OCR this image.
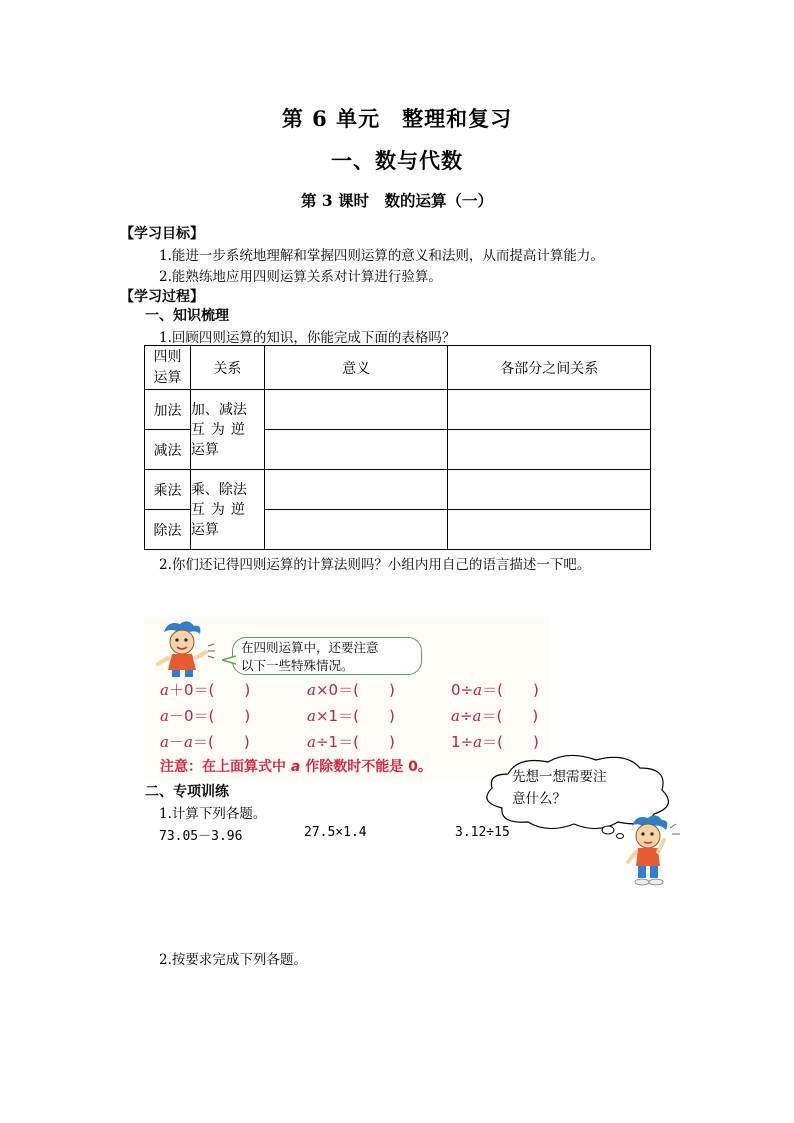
第 6 单元　整理和复习
一、数与代数
第 3 课时　数的运算（一）
【学习目标】
1.能进一步系统地理解和掌握四则运算的意义和法则，从而提高计算能力。
2.能熟练地应用四则运算关系对计算进行验算。
【学习过程】
一、知识梳理
1.回顾四则运算的知识，你能完成下面的表格吗？
四则
运算	关系	意义	各部分之间关系
加法	加、减法
互为逆
运算		

减法			
乘法	乘、除法
互为逆
运算		

除法			
2.你们还记得四则运算的计算法则吗？小组内用自己的语言描述一下吧。
在四则运算中，还要注意
以下一些特殊情况。
a＋0＝(　　 )	a×0＝(　　 )	0÷a＝(　　 )
a－0＝(　　 )	a×1＝(　　 )	a÷a＝(　　 )
a－a＝(　　 )	a÷1＝(　　 )	1÷a＝(　　 )
注意：在上面算式中 a 作除数时不能是 0。
二、专项训练
1.计算下列各题。
73.05－3.96	27.5×1.4	3.12÷15
先想一想需要注
意什么？
2.按要求完成下列各题。
